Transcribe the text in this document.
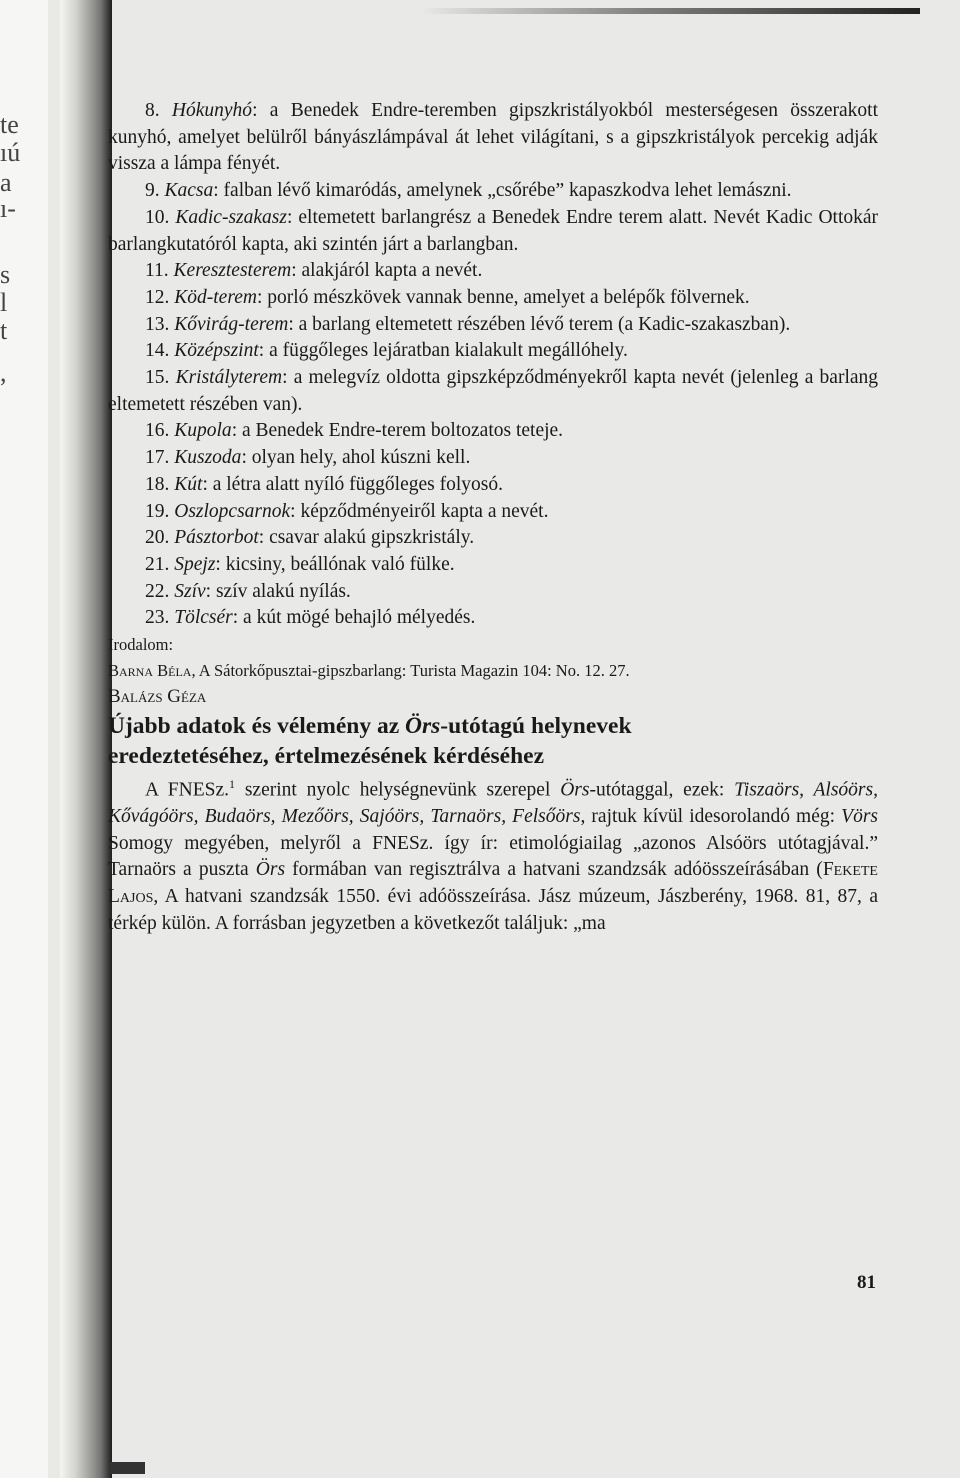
te
ıú
a
ı-
s
l
t
,

8. Hókunyhó: a Benedek Endre-teremben gipszkristályokból mesterségesen összerakott kunyhó, amelyet belülről bányászlámpával át lehet világítani, s a gipszkristályok percekig adják vissza a lámpa fényét.

9. Kacsa: falban lévő kimaródás, amelynek „csőrébe” kapaszkodva lehet lemászni.

10. Kadic-szakasz: eltemetett barlangrész a Benedek Endre terem alatt. Nevét Kadic Ottokár barlangkutatóról kapta, aki szintén járt a barlangban.

11. Keresztesterem: alakjáról kapta a nevét.

12. Köd-terem: porló mészkövek vannak benne, amelyet a belépők fölvernek.

13. Kővirág-terem: a barlang eltemetett részében lévő terem (a Kadic-szakaszban).

14. Középszint: a függőleges lejáratban kialakult megállóhely.

15. Kristályterem: a melegvíz oldotta gipszképződményekről kapta nevét (jelenleg a barlang eltemetett részében van).

16. Kupola: a Benedek Endre-terem boltozatos teteje.

17. Kuszoda: olyan hely, ahol kúszni kell.

18. Kút: a létra alatt nyíló függőleges folyosó.

19. Oszlopcsarnok: képződményeiről kapta a nevét.

20. Pásztorbot: csavar alakú gipszkristály.

21. Spejz: kicsiny, beállónak való fülke.

22. Szív: szív alakú nyílás.

23. Tölcsér: a kút mögé behajló mélyedés.

Irodalom:

Barna Béla, A Sátorkőpusztai-gipszbarlang: Turista Magazin 104: No. 12. 27.

Balázs Géza

Újabb adatok és vélemény az Örs-utótagú helynevek
eredeztetéséhez, értelmezésének kérdéséhez

A FNESz.$^1$ szerint nyolc helységnevünk szerepel Örs-utótaggal, ezek: Tiszaörs, Alsóörs, Kővágóörs, Budaörs, Mezőörs, Sajóörs, Tarnaörs, Felsőörs, rajtuk kívül idesorolandó még: Vörs Somogy megyében, melyről a FNESz. így ír: etimológiailag „azonos Alsóörs utótagjával.” Tarnaörs a puszta Örs formában van regisztrálva a hatvani szandzsák adóösszeírásában (Fekete Lajos, A hatvani szandzsák 1550. évi adóösszeírása. Jász múzeum, Jászberény, 1968. 81, 87, a térkép külön. A forrásban jegyzetben a következőt találjuk: „ma

81
